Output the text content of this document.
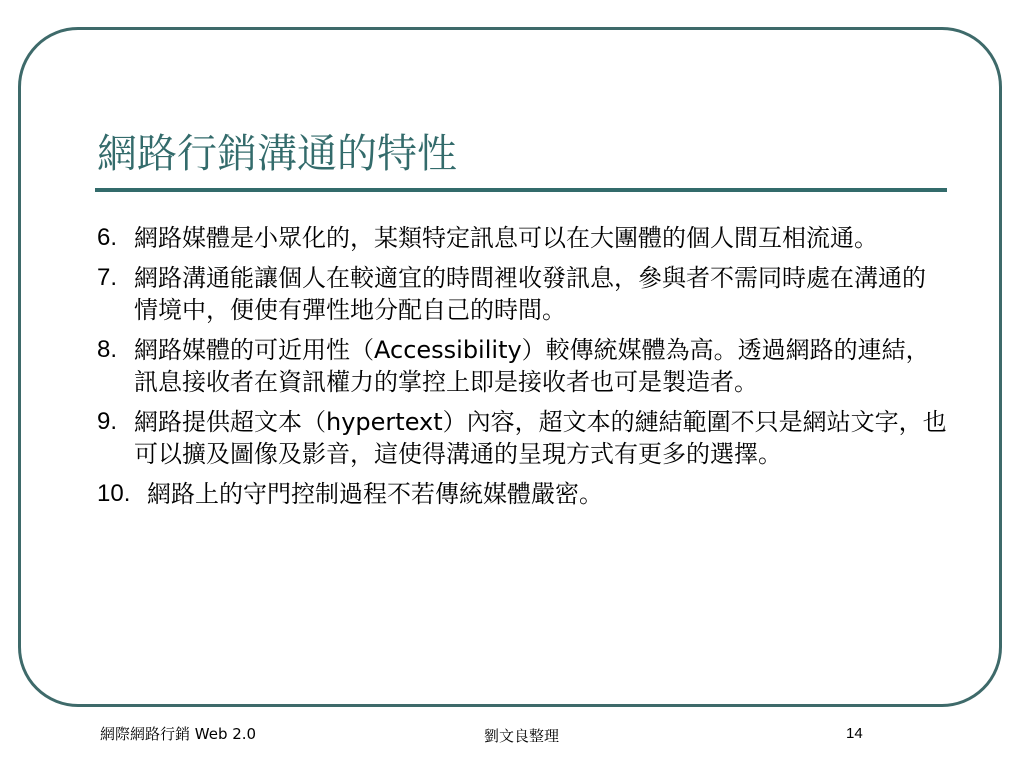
網路行銷溝通的特性
6. 網路媒體是小眾化的，某類特定訊息可以在大團體的個人間互相流通。
7. 網路溝通能讓個人在較適宜的時間裡收發訊息，參與者不需同時處在溝通的情境中，便使有彈性地分配自己的時間。
8. 網路媒體的可近用性（Accessibility）較傳統媒體為高。透過網路的連結，訊息接收者在資訊權力的掌控上即是接收者也可是製造者。
9. 網路提供超文本（hypertext）內容，超文本的縺結範圍不只是網站文字，也可以擴及圖像及影音，這使得溝通的呈現方式有更多的選擇。
10. 網路上的守門控制過程不若傳統媒體嚴密。
網際網路行銷 Web 2.0	劉文良整理	14
